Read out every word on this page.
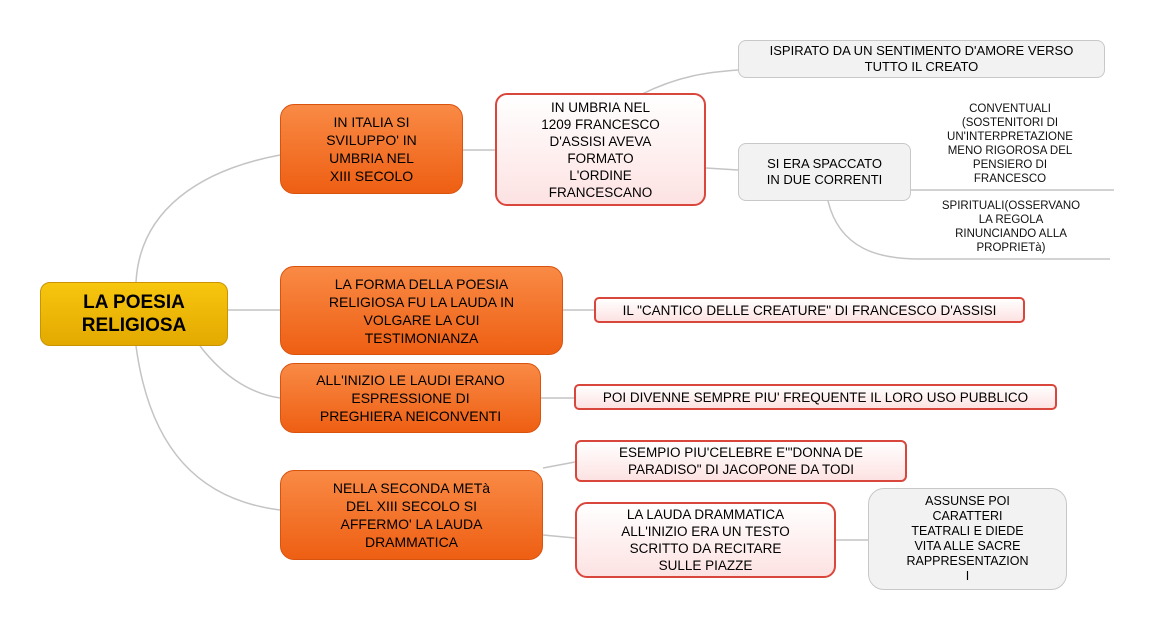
LA POESIA
RELIGIOSA
IN ITALIA SI
SVILUPPO' IN
UMBRIA NEL
XIII SECOLO
IN UMBRIA NEL
1209 FRANCESCO
D'ASSISI AVEVA
FORMATO
L'ORDINE
FRANCESCANO
ISPIRATO DA UN SENTIMENTO D'AMORE VERSO
TUTTO IL CREATO
SI ERA SPACCATO
IN DUE CORRENTI
CONVENTUALI
(SOSTENITORI DI
UN'INTERPRETAZIONE
MENO RIGOROSA DEL
PENSIERO DI
FRANCESCO
SPIRITUALI(OSSERVANO
LA REGOLA
RINUNCIANDO ALLA
PROPRIETà)
LA FORMA DELLA POESIA
RELIGIOSA FU LA LAUDA IN
VOLGARE LA CUI
TESTIMONIANZA
IL "CANTICO DELLE CREATURE" DI FRANCESCO D'ASSISI
ALL'INIZIO LE LAUDI ERANO
ESPRESSIONE DI
PREGHIERA NEICONVENTI
POI DIVENNE SEMPRE PIU' FREQUENTE IL LORO USO PUBBLICO
NELLA SECONDA METà
DEL XIII SECOLO SI
AFFERMO' LA LAUDA
DRAMMATICA
ESEMPIO PIU'CELEBRE E'"DONNA DE
PARADISO" DI JACOPONE DA TODI
LA LAUDA DRAMMATICA
ALL'INIZIO ERA UN TESTO
SCRITTO DA RECITARE
SULLE PIAZZE
ASSUNSE POI
CARATTERI
TEATRALI E DIEDE
VITA ALLE SACRE
RAPPRESENTAZION
I
